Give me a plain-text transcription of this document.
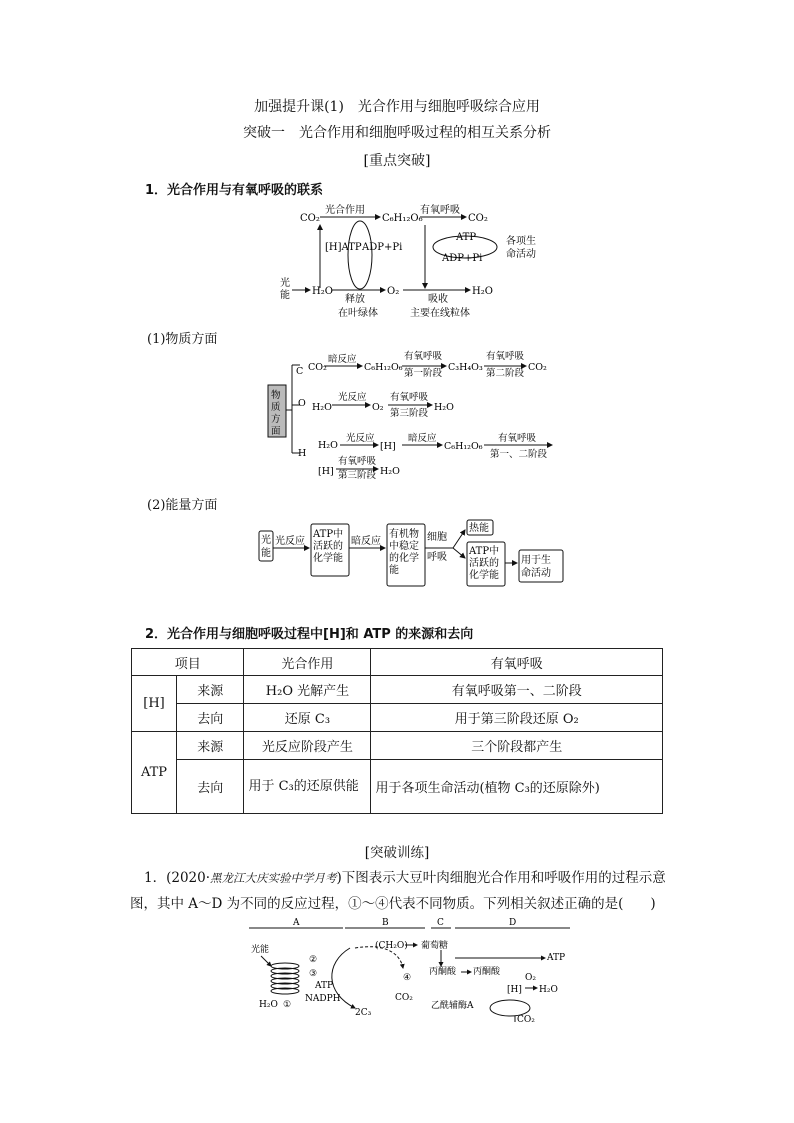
加强提升课(1)　光合作用与细胞呼吸综合应用
突破一　光合作用和细胞呼吸过程的相互关系分析
[重点突破]
1．光合作用与有氧呼吸的联系
CO₂
光合作用
C₆H₁₂O₆
有氧呼吸
CO₂
[H]ATP ADP+Pi
ATP
ADP+Pi
各项生
命活动
光
能 H₂O	O₂	H₂O
释放	吸收
在叶绿体	主要在线粒体
(1)物质方面
物
质
方
面
C CO₂
暗反应
C₆H₁₂O₆
有氧呼吸
第一阶段
C₃H₄O₃
有氧呼吸
第二阶段
CO₂
O H₂O
光反应
O₂
有氧呼吸
第三阶段
H₂O
H
H₂O
光反应
[H]
暗反应
C₆H₁₂O₆
有氧呼吸
第一、二阶段
[H]
有氧呼吸
第三阶段 H₂O
(2)能量方面
光
能
光反应
ATP中
活跃的
化学能
暗反应
有机物
中稳定
的化学
能
细胞
呼吸
热能
ATP中
活跃的
化学能
用于生
命活动
2．光合作用与细胞呼吸过程中[H]和 ATP 的来源和去向
项目		光合作用	有氧呼吸
[H]	来源	H₂O 光解产生	有氧呼吸第一、二阶段
	去向	还原 C₃	用于第三阶段还原 O₂
ATP	来源	光反应阶段产生	三个阶段都产生
	去向	用于 C₃的还原供能	用于各项生命活动(植物 C₃的还原除外)
[突破训练]
1．(2020·黑龙江大庆实验中学月考)下图表示大豆叶肉细胞光合作用和呼吸作用的过程示意图，其中 A～D 为不同的反应过程，①～④代表不同物质。下列相关叙述正确的是(　　)
A	B	C	D
光能
②
③
ATP
NADPH
H₂O ①
④
2C₃
CO₂
(CH₂O) 葡萄糖
ATP
丙酮酸 丙酮酸
[H]
O₂
H₂O
乙酰辅酶A
CO₂
